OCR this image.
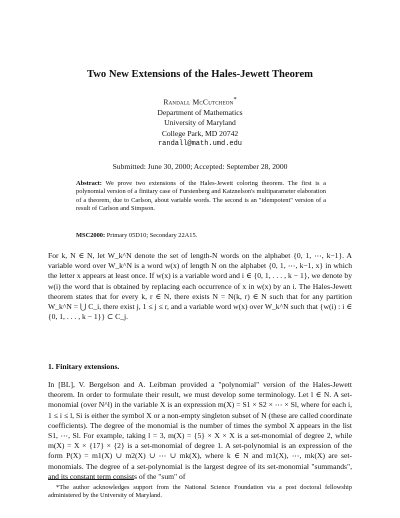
Two New Extensions of the Hales-Jewett Theorem
Randall McCutcheon*
Department of Mathematics
University of Maryland
College Park, MD 20742
randall@math.umd.edu
Submitted: June 30, 2000; Accepted: September 28, 2000
Abstract: We prove two extensions of the Hales-Jewett coloring theorem. The first is a polynomial version of a finitary case of Furstenberg and Katznelson's multiparameter elaboration of a theorem, due to Carlson, about variable words. The second is an "idempotent" version of a result of Carlson and Simpson.
MSC2000: Primary 05D10; Secondary 22A15.
For k, N ∈ N, let W_k^N denote the set of length-N words on the alphabet {0, 1, ⋯, k−1}. A variable word over W_k^N is a word w(x) of length N on the alphabet {0, 1, ⋯, k−1, x} in which the letter x appears at least once. If w(x) is a variable word and i ∈ {0, 1, . . . , k − 1}, we denote by w(i) the word that is obtained by replacing each occurrence of x in w(x) by an i. The Hales-Jewett theorem states that for every k, r ∈ N, there exists N = N(k, r) ∈ N such that for any partition W_k^N = ⋃ C_i, there exist j, 1 ≤ j ≤ r, and a variable word w(x) over W_k^N such that {w(i) : i ∈ {0, 1, . . . , k − 1}} ⊂ C_j.
1. Finitary extensions.
In [BL], V. Bergelson and A. Leibman provided a "polynomial" version of the Hales-Jewett theorem. In order to formulate their result, we must develop some terminology. Let l ∈ N. A set-monomial (over N^l) in the variable X is an expression m(X) = S1 × S2 × ⋯ × Sl, where for each i, 1 ≤ i ≤ l, Si is either the symbol X or a non-empty singleton subset of N (these are called coordinate coefficients). The degree of the monomial is the number of times the symbol X appears in the list S1, ⋯, Sl. For example, taking l = 3, m(X) = {5} × X × X is a set-monomial of degree 2, while m(X) = X × {17} × {2} is a set-monomial of degree 1. A set-polynomial is an expression of the form P(X) = m1(X) ∪ m2(X) ∪ ⋯ ∪ mk(X), where k ∈ N and m1(X), ⋯, mk(X) are set-monomials. The degree of a set-polynomial is the largest degree of its set-monomial "summands", and its constant term consists of the "sum" of
*The author acknowledges support from the National Science Foundation via a post doctoral fellowship administered by the University of Maryland.
